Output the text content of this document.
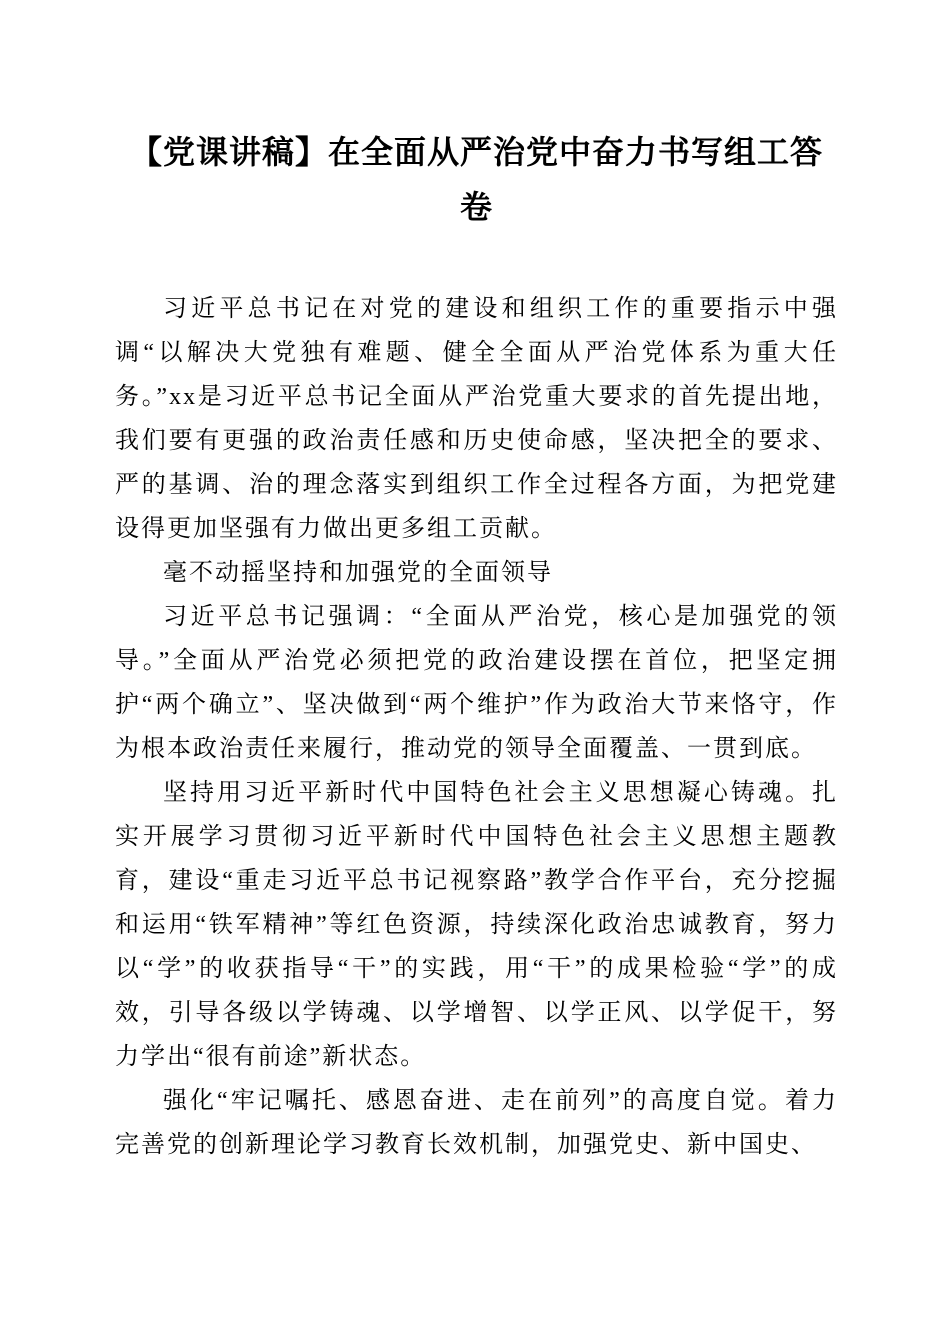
【党课讲稿】在全面从严治党中奋力书写组工答卷

习近平总书记在对党的建设和组织工作的重要指示中强调“以解决大党独有难题、健全全面从严治党体系为重大任务。”xx是习近平总书记全面从严治党重大要求的首先提出地，我们要有更强的政治责任感和历史使命感，坚决把全的要求、严的基调、治的理念落实到组织工作全过程各方面，为把党建设得更加坚强有力做出更多组工贡献。

毫不动摇坚持和加强党的全面领导

习近平总书记强调：“全面从严治党，核心是加强党的领导。”全面从严治党必须把党的政治建设摆在首位，把坚定拥护“两个确立”、坚决做到“两个维护”作为政治大节来恪守，作为根本政治责任来履行，推动党的领导全面覆盖、一贯到底。

坚持用习近平新时代中国特色社会主义思想凝心铸魂。扎实开展学习贯彻习近平新时代中国特色社会主义思想主题教育，建设“重走习近平总书记视察路”教学合作平台，充分挖掘和运用“铁军精神”等红色资源，持续深化政治忠诚教育，努力以“学”的收获指导“干”的实践，用“干”的成果检验“学”的成效，引导各级以学铸魂、以学增智、以学正风、以学促干，努力学出“很有前途”新状态。

强化“牢记嘱托、感恩奋进、走在前列”的高度自觉。着力完善党的创新理论学习教育长效机制，加强党史、新中国史、
